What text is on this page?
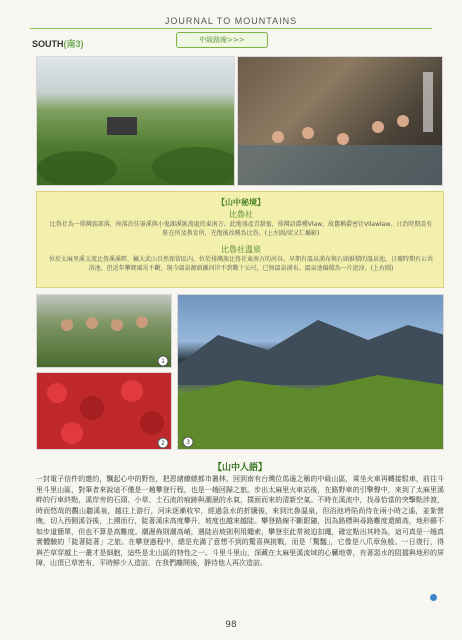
JOURNAL TO MOUNTAINS
SOUTH(南3)	中級路線>>>
【山中秘境】
比魯社
比魯社為一排灣族部落，座落於佳崙溪與小鬼湖溪匯流處的東南方。此地盛產青甜蜜，排灣語爵種Vlaw，故舊稱爵密社Vilawlaw。日治時期設有駐在所及教育所，光復後改稱為比魯。(上左圖/梁又仁攝影)
比魯社溫泉
位於太麻里溪支流比魯溪溪畔，屬大武山自然保留區內，位於排灣族比魯社東南方的河谷。早期有溫泉湧布與石頭推積的溫泉池，日據時期有公共浴池，但近年攀爬風災不斷，現今溫泉源頭離河岸不到數十公尺，已無溫泉湧布。溫泉池偏積為一片泥窪。(上右圖)
1
2	3
【山中人語】
一封電子信件的邀約，飄起心中的野性，把恩緒繚繞都市叢林，回到南有台灣位馬遜之稱的中級山區，乘坐火車再轉接駁車，前往斗里斗里山區，對筆者來說這不僅是一趟攀登行程，也是一趟回歸之旅。步出太麻里火車站後，在路野車的引擎聲中，來到了太麻里溪畔的行車終點，溪岸旁的石頭、小草、土石流的痕跡與潮濕的水氣，撲面而來的清新空氣。不時在溪流中，找尋恰當的突擊點涉渡，時而悠哉的觀山聽溪泉，越往上游行，河床逐漸收窄，經過急水的折騰後，來到比魯溫泉，但浴池坍陷尚待在兩小時之遙，並紮營晚，切入西側溪谷後，上溯而行，陡著溪床高度攀升，坡度也越來越陡。攀登路線不斷跟隨，因為路標與尋路難度還頗高，地形雖不如步道簡單，但也不算是高難度。潮濕佈則潮高峭，遇陡岩坡則利用繩索，攀登至此常被迫扣繩，確定點出其時為，這可真是一趟真實體驗的「陡著陡著」之旅。在攀登過程中，總是充滿了意想不到的驚喜與挑戰，而是「驚豔」，它像是八爪章魚般。一日復行，得與芒草穿越上一叢才是細胞，這些是北山區的特性之一。斗里斗里山，深藏在太麻里溪流域的心臟地帶，有著惡水的阻擋與地形的屏障，山頂已草密布，平時鮮少人造訪，在我們離開後，靜待他人再次造訪。
98
